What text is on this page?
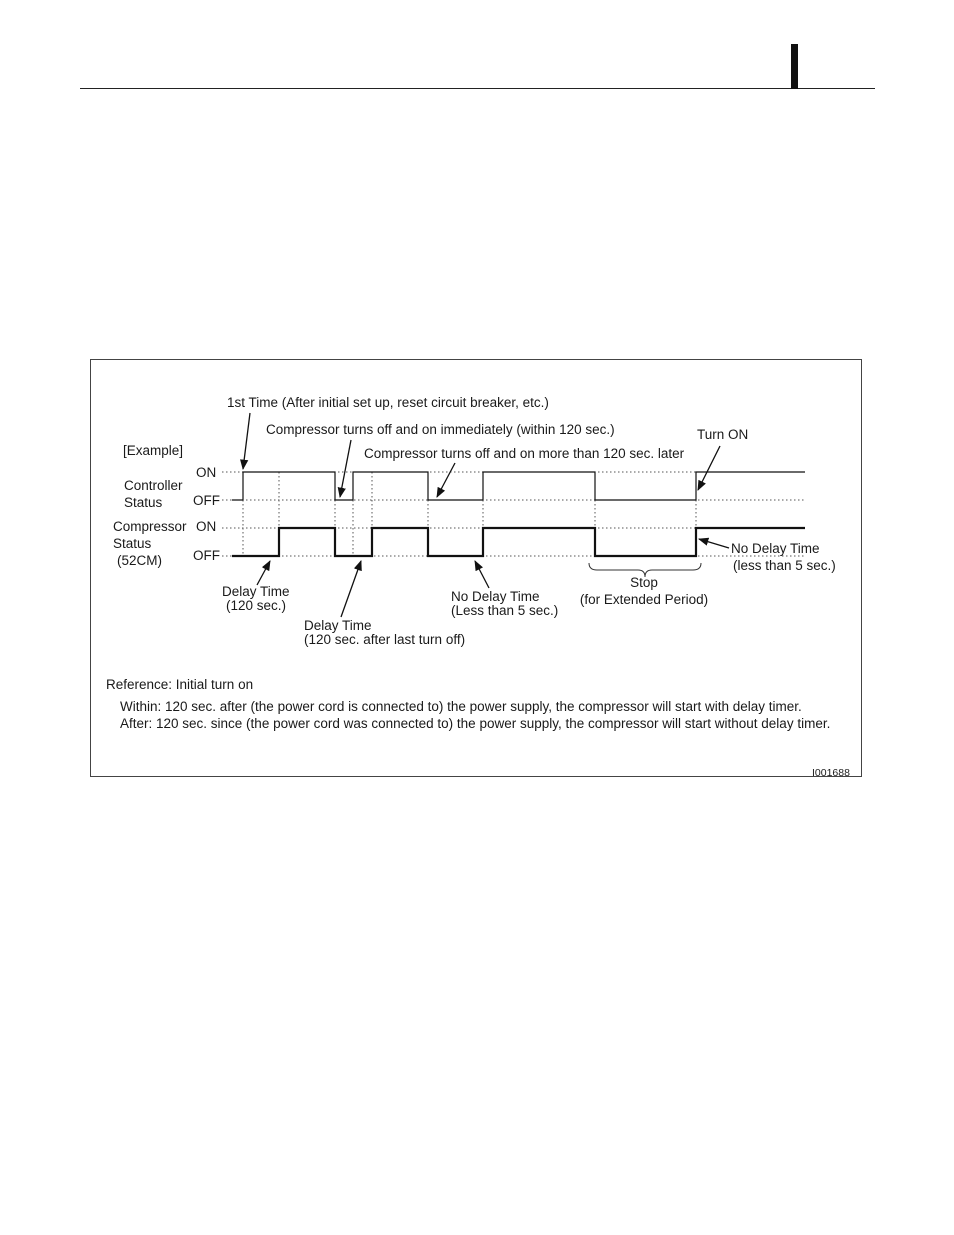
[Example]
Controller
Status
ON
OFF
Compressor
Status
(52CM)
ON
OFF
1st Time (After initial set up, reset circuit breaker, etc.)
Compressor turns off and on immediately (within 120 sec.)
Compressor turns off and on more than 120 sec. later
Turn ON
Delay Time
(120 sec.)
Delay Time
(120 sec. after last turn off)
No Delay Time
(Less than 5 sec.)
Stop
(for Extended Period)
No Delay Time
(less than 5 sec.)
Reference: Initial turn on
Within: 120 sec. after (the power cord is connected to) the power supply, the compressor will start with delay timer.
After: 120 sec. since (the power cord was connected to) the power supply, the compressor will start without delay timer.
I001688
